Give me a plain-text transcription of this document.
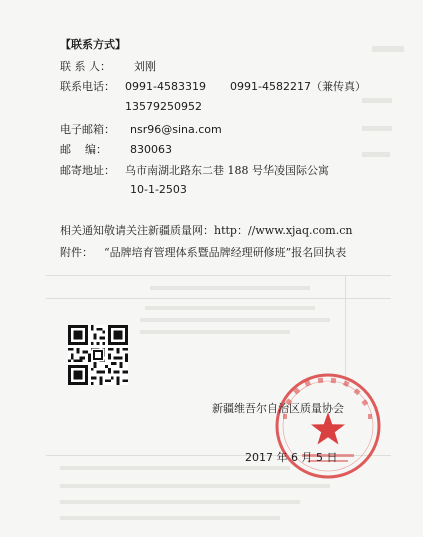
【联系方式】
联 系 人： 刘刚
联系电话： 0991-4583319 0991-4582217（兼传真）
13579250952
电子邮箱： nsr96@sina.com
邮    编： 830063
邮寄地址： 乌市南湖北路东二巷 188 号华凌国际公寓
10-1-2503
相关通知敬请关注新疆质量网：http：//www.xjaq.com.cn
附件： “品牌培育管理体系暨品牌经理研修班”报名回执表
新疆维吾尔自治区质量协会
2017 年 6 月 5 日
